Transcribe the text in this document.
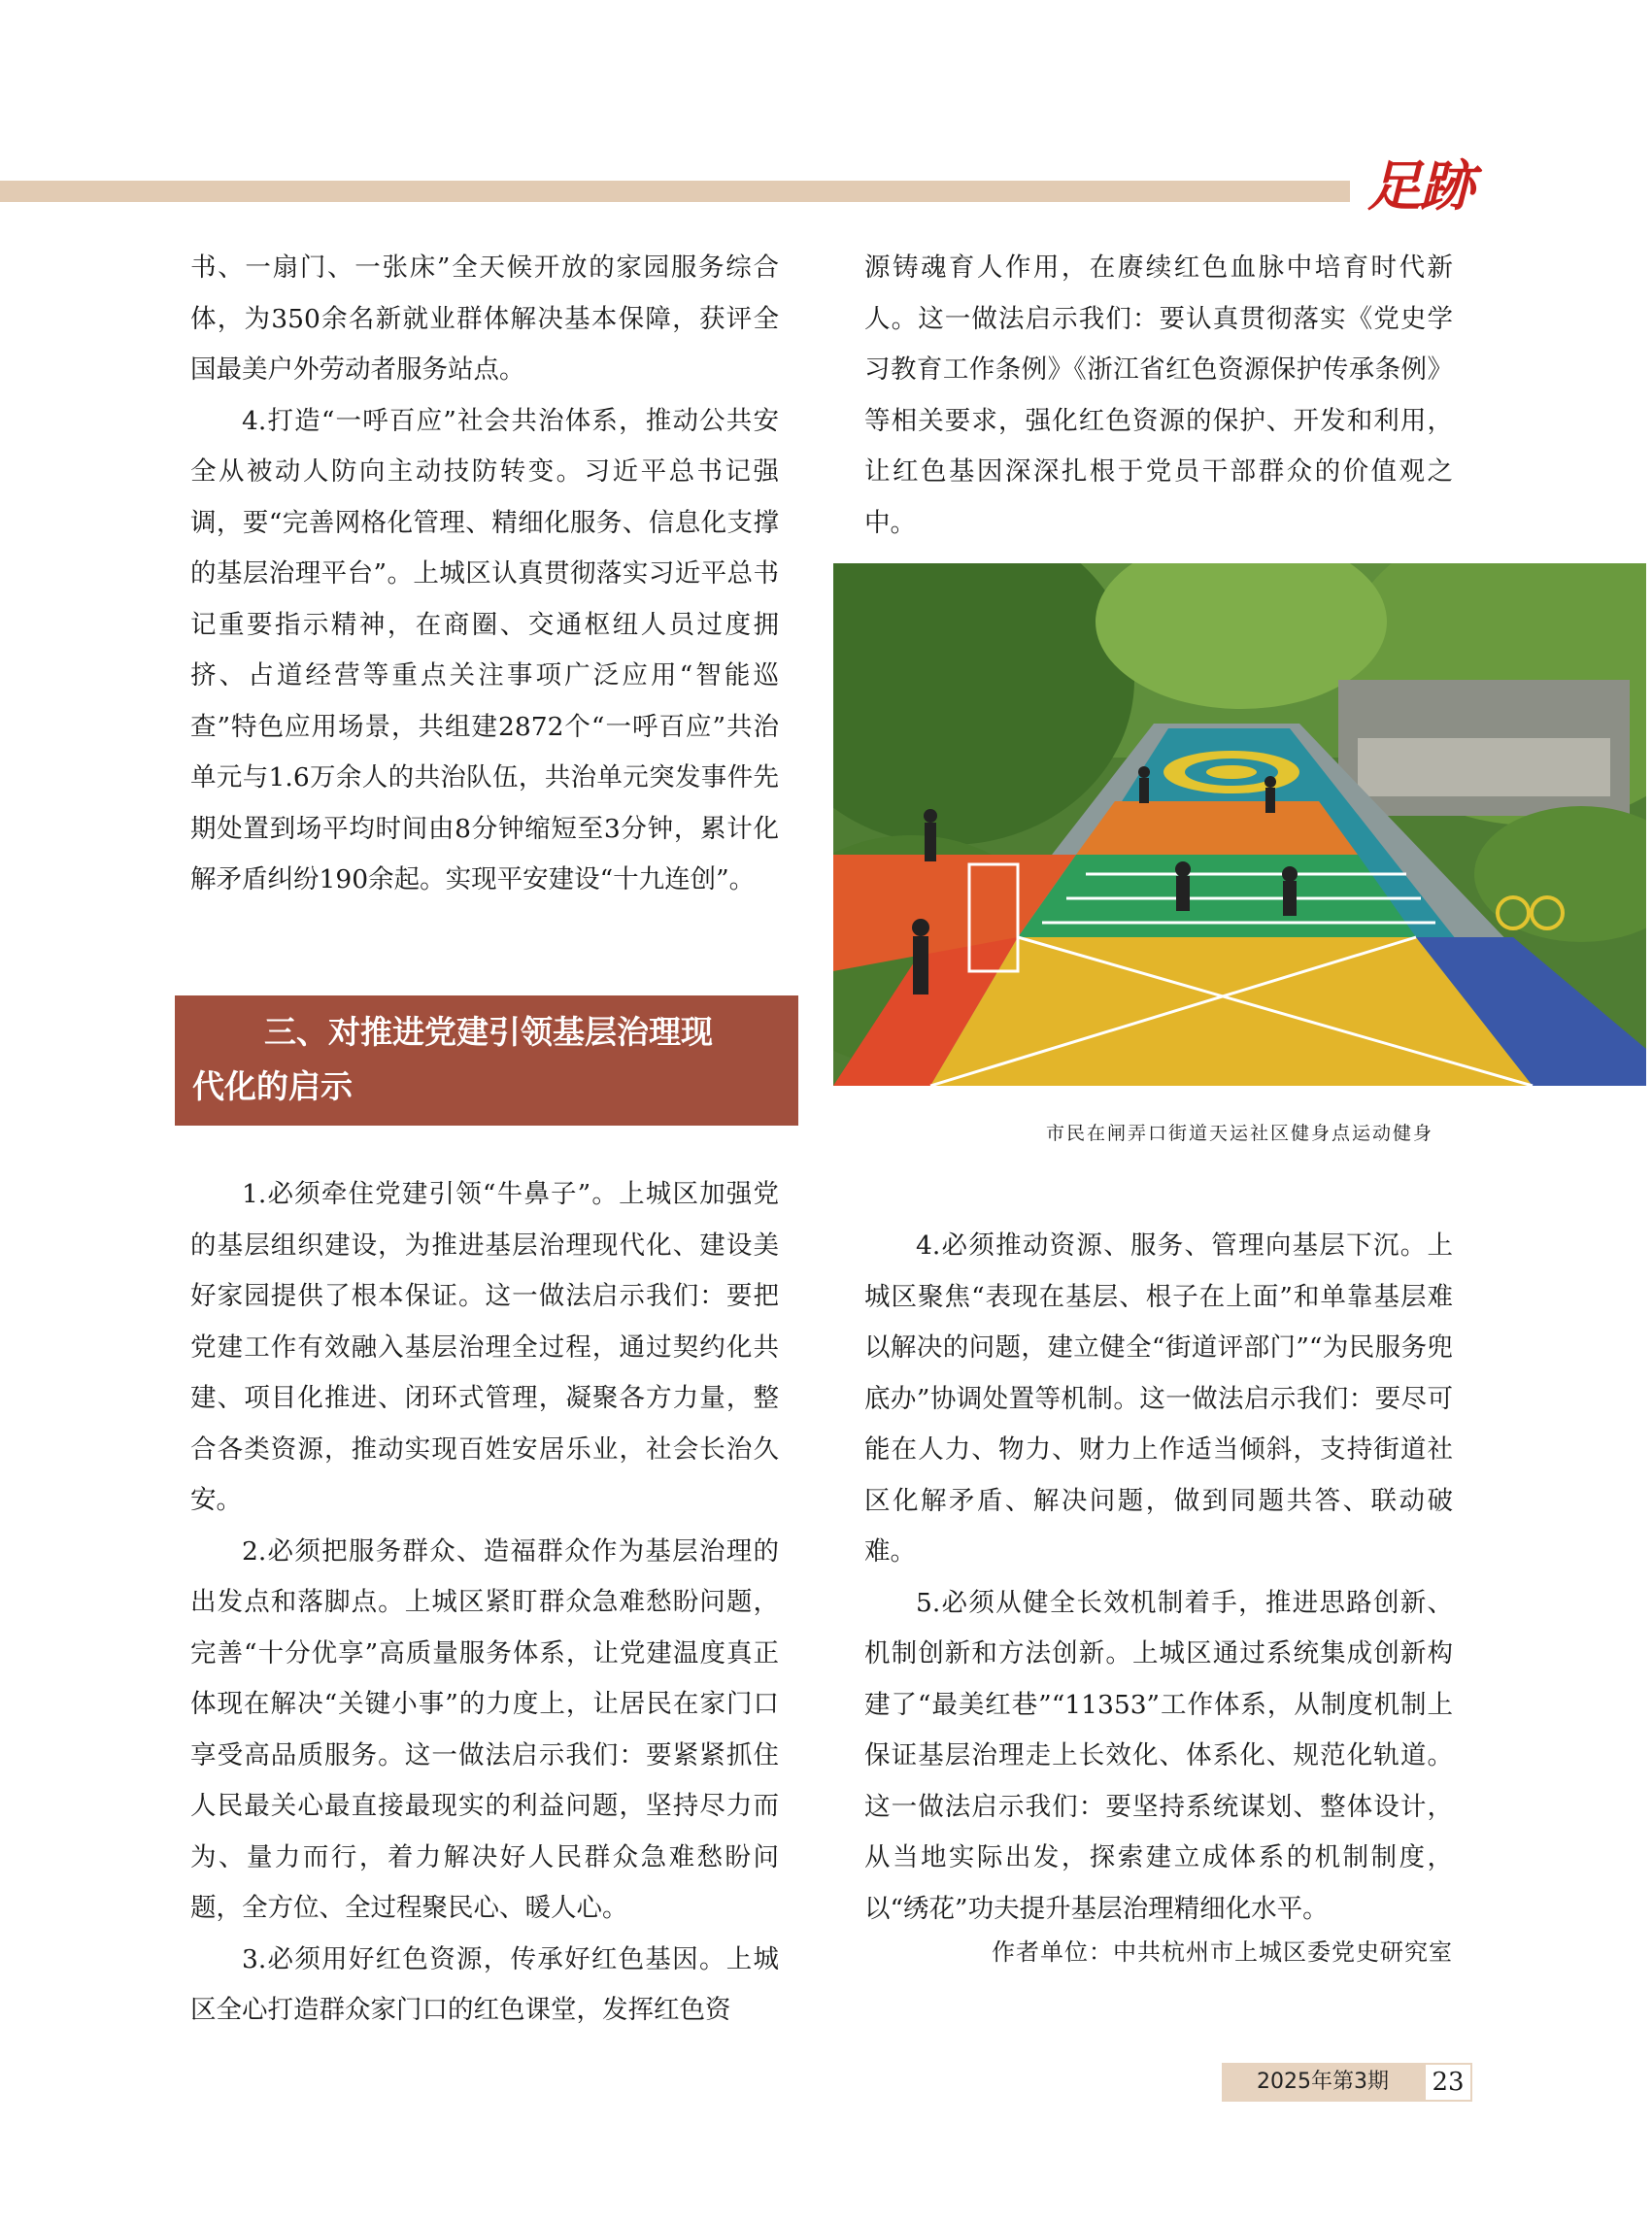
足跡

书、一扇门、一张床”全天候开放的家园服务综合体，为350余名新就业群体解决基本保障，获评全国最美户外劳动者服务站点。

4.打造“一呼百应”社会共治体系，推动公共安全从被动人防向主动技防转变。习近平总书记强调，要“完善网格化管理、精细化服务、信息化支撑的基层治理平台”。上城区认真贯彻落实习近平总书记重要指示精神，在商圈、交通枢纽人员过度拥挤、占道经营等重点关注事项广泛应用“智能巡查”特色应用场景，共组建2872个“一呼百应”共治单元与1.6万余人的共治队伍，共治单元突发事件先期处置到场平均时间由8分钟缩短至3分钟，累计化解矛盾纠纷190余起。实现平安建设“十九连创”。

三、对推进党建引领基层治理现
代化的启示

1.必须牵住党建引领“牛鼻子”。上城区加强党的基层组织建设，为推进基层治理现代化、建设美好家园提供了根本保证。这一做法启示我们：要把党建工作有效融入基层治理全过程，通过契约化共建、项目化推进、闭环式管理，凝聚各方力量，整合各类资源，推动实现百姓安居乐业，社会长治久安。

2.必须把服务群众、造福群众作为基层治理的出发点和落脚点。上城区紧盯群众急难愁盼问题，完善“十分优享”高质量服务体系，让党建温度真正体现在解决“关键小事”的力度上，让居民在家门口享受高品质服务。这一做法启示我们：要紧紧抓住人民最关心最直接最现实的利益问题，坚持尽力而为、量力而行，着力解决好人民群众急难愁盼问题，全方位、全过程聚民心、暖人心。

3.必须用好红色资源，传承好红色基因。上城区全心打造群众家门口的红色课堂，发挥红色资

源铸魂育人作用，在赓续红色血脉中培育时代新人。这一做法启示我们：要认真贯彻落实《党史学习教育工作条例》《浙江省红色资源保护传承条例》等相关要求，强化红色资源的保护、开发和利用，让红色基因深深扎根于党员干部群众的价值观之中。

市民在闸弄口街道天运社区健身点运动健身

4.必须推动资源、服务、管理向基层下沉。上城区聚焦“表现在基层、根子在上面”和单靠基层难以解决的问题，建立健全“街道评部门”“为民服务兜底办”协调处置等机制。这一做法启示我们：要尽可能在人力、物力、财力上作适当倾斜，支持街道社区化解矛盾、解决问题，做到同题共答、联动破难。

5.必须从健全长效机制着手，推进思路创新、机制创新和方法创新。上城区通过系统集成创新构建了“最美红巷”“11353”工作体系，从制度机制上保证基层治理走上长效化、体系化、规范化轨道。这一做法启示我们：要坚持系统谋划、整体设计，从当地实际出发，探索建立成体系的机制制度，以“绣花”功夫提升基层治理精细化水平。

作者单位：中共杭州市上城区委党史研究室
2025年第3期	23
